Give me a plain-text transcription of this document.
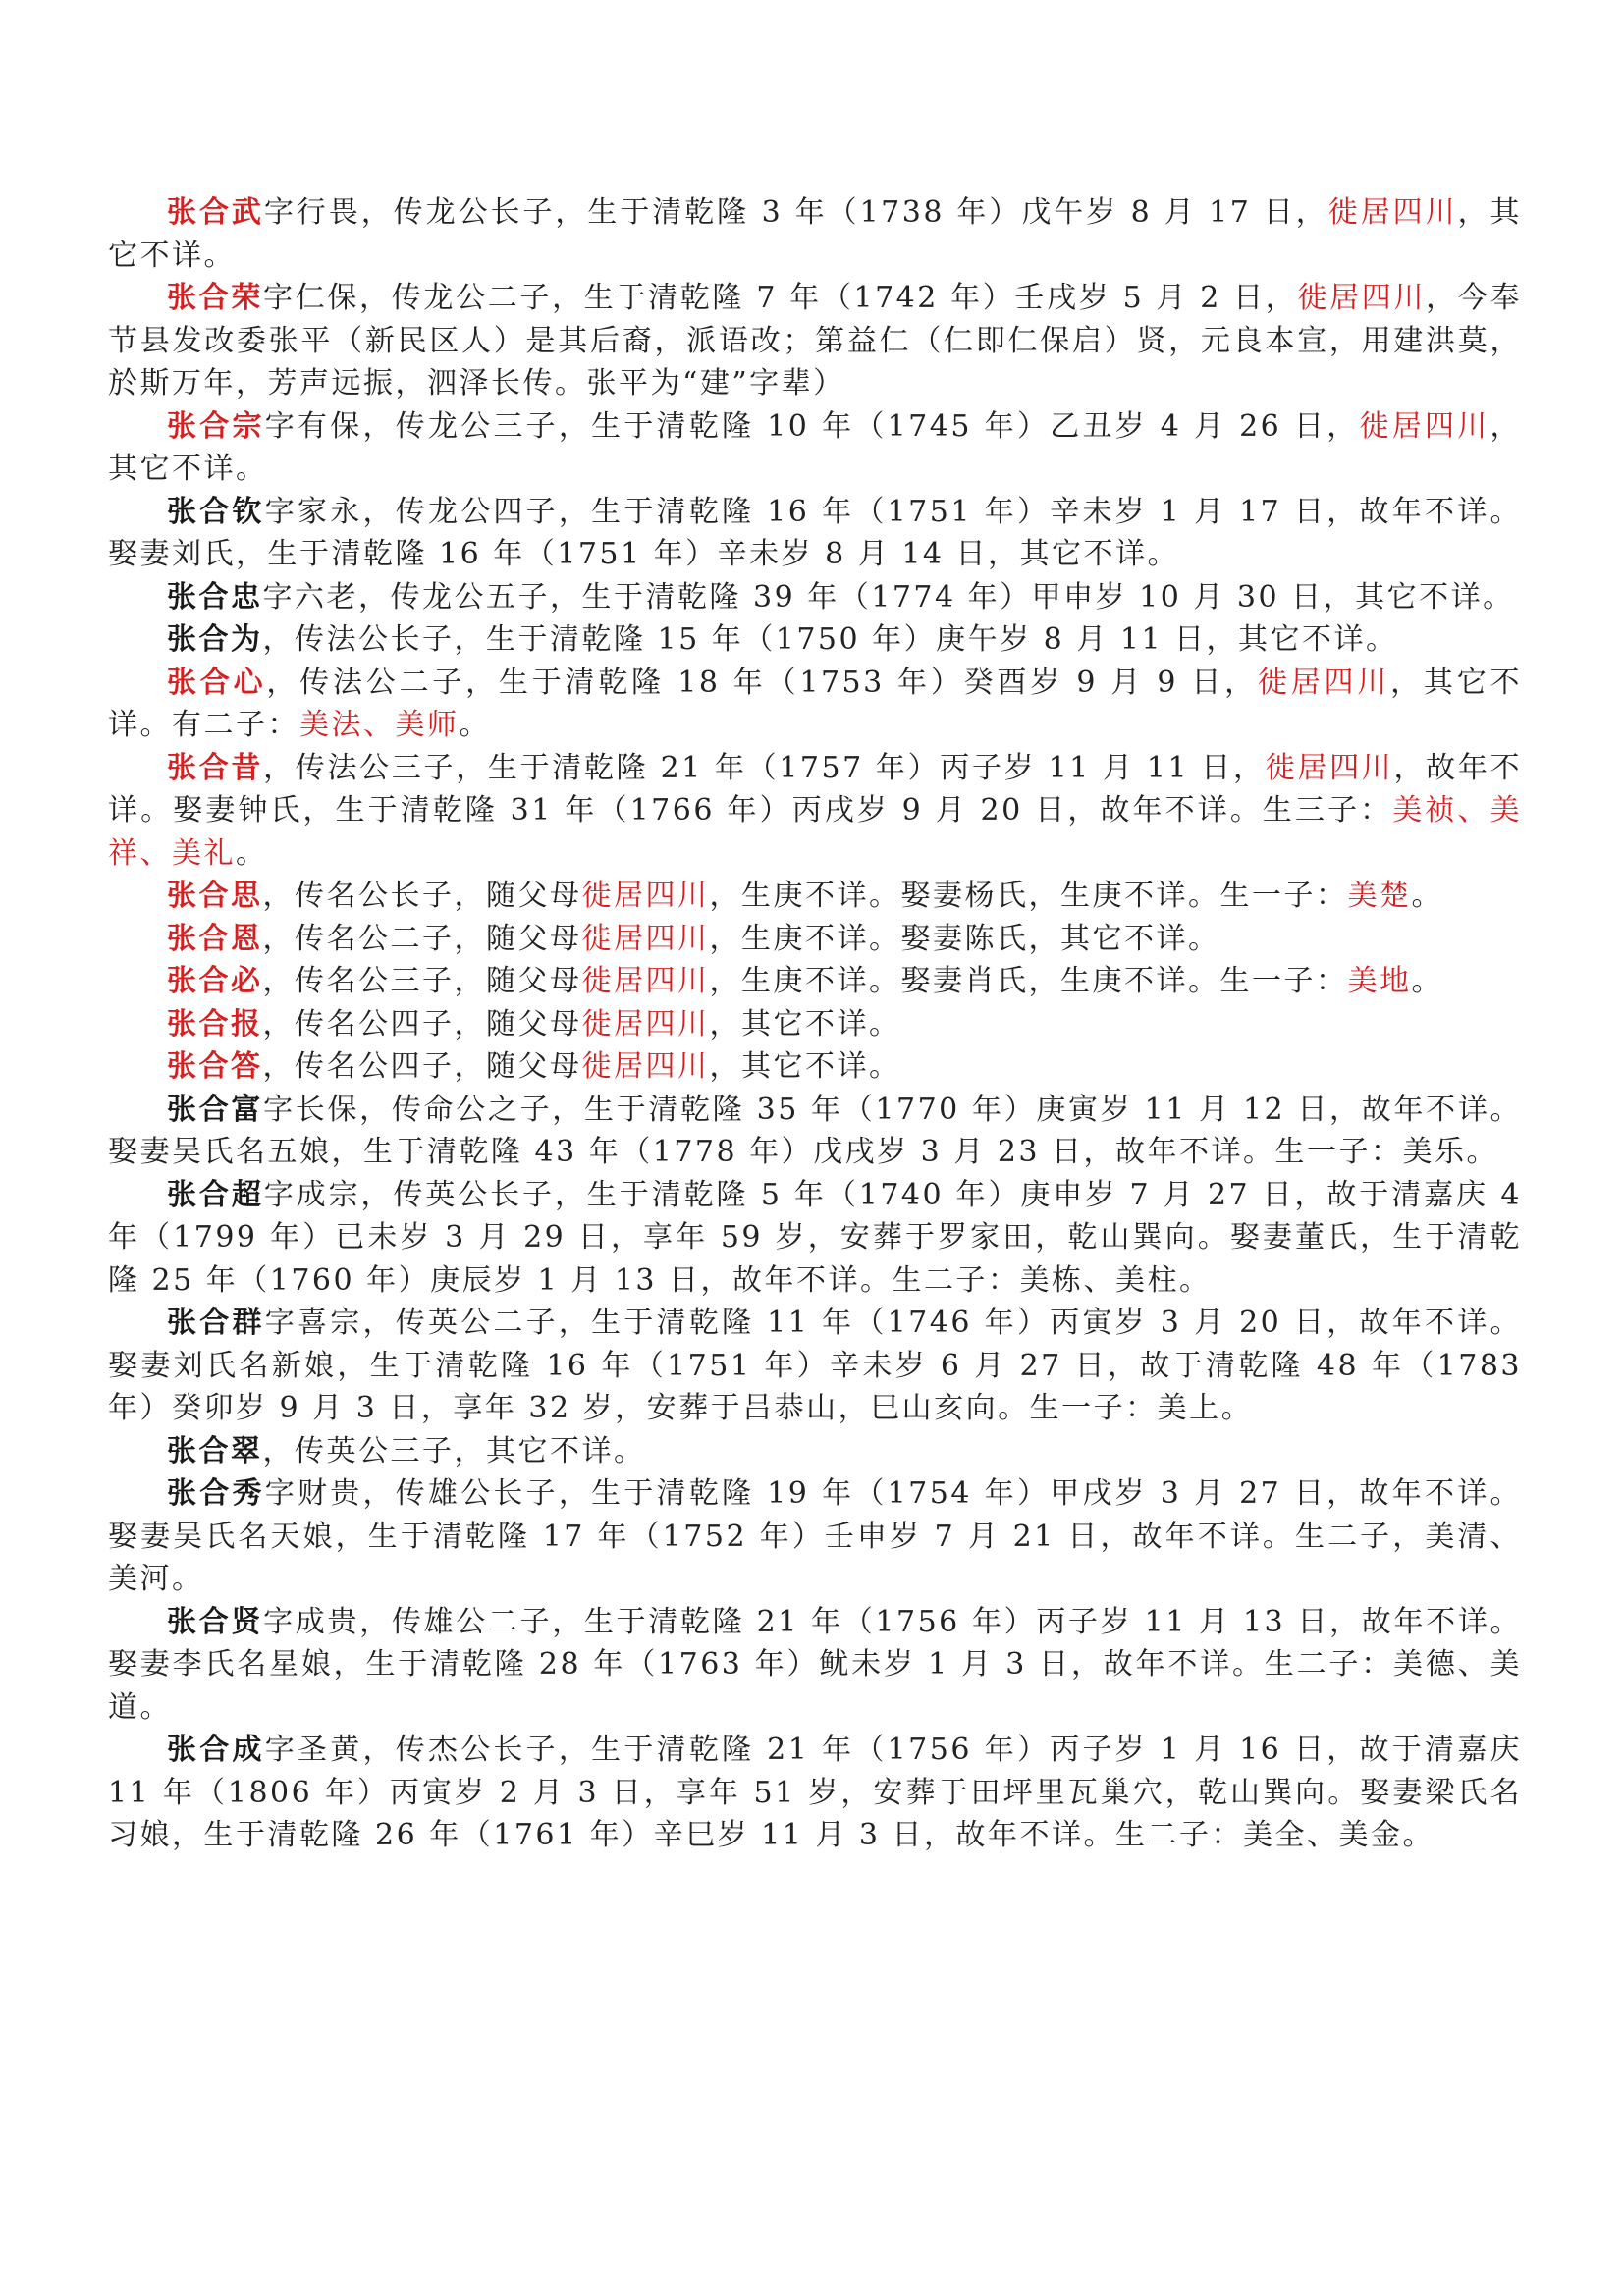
张合武字行畏，传龙公长子，生于清乾隆 3 年（1738 年）戊午岁 8 月 17 日，徙居四川，其它不详。

张合荣字仁保，传龙公二子，生于清乾隆 7 年（1742 年）壬戌岁 5 月 2 日，徙居四川，今奉节县发改委张平（新民区人）是其后裔，派语改；第益仁（仁即仁保启）贤，元良本宣，用建洪莫，於斯万年，芳声远振，泗泽长传。张平为“建”字辈）

张合宗字有保，传龙公三子，生于清乾隆 10 年（1745 年）乙丑岁 4 月 26 日，徙居四川，其它不详。

张合钦字家永，传龙公四子，生于清乾隆 16 年（1751 年）辛未岁 1 月 17 日，故年不详。娶妻刘氏，生于清乾隆 16 年（1751 年）辛未岁 8 月 14 日，其它不详。

张合忠字六老，传龙公五子，生于清乾隆 39 年（1774 年）甲申岁 10 月 30 日，其它不详。

张合为，传法公长子，生于清乾隆 15 年（1750 年）庚午岁 8 月 11 日，其它不详。

张合心，传法公二子，生于清乾隆 18 年（1753 年）癸酉岁 9 月 9 日，徙居四川，其它不详。有二子：美法、美师。

张合昔，传法公三子，生于清乾隆 21 年（1757 年）丙子岁 11 月 11 日，徙居四川，故年不详。娶妻钟氏，生于清乾隆 31 年（1766 年）丙戌岁 9 月 20 日，故年不详。生三子：美祯、美祥、美礼。

张合思，传名公长子，随父母徙居四川，生庚不详。娶妻杨氏，生庚不详。生一子：美楚。

张合恩，传名公二子，随父母徙居四川，生庚不详。娶妻陈氏，其它不详。

张合必，传名公三子，随父母徙居四川，生庚不详。娶妻肖氏，生庚不详。生一子：美地。

张合报，传名公四子，随父母徙居四川，其它不详。

张合答，传名公四子，随父母徙居四川，其它不详。

张合富字长保，传命公之子，生于清乾隆 35 年（1770 年）庚寅岁 11 月 12 日，故年不详。娶妻吴氏名五娘，生于清乾隆 43 年（1778 年）戊戌岁 3 月 23 日，故年不详。生一子：美乐。

张合超字成宗，传英公长子，生于清乾隆 5 年（1740 年）庚申岁 7 月 27 日，故于清嘉庆 4 年（1799 年）已未岁 3 月 29 日，享年 59 岁，安葬于罗家田，乾山巽向。娶妻董氏，生于清乾隆 25 年（1760 年）庚辰岁 1 月 13 日，故年不详。生二子：美栋、美柱。

张合群字喜宗，传英公二子，生于清乾隆 11 年（1746 年）丙寅岁 3 月 20 日，故年不详。娶妻刘氏名新娘，生于清乾隆 16 年（1751 年）辛未岁 6 月 27 日，故于清乾隆 48 年（1783 年）癸卯岁 9 月 3 日，享年 32 岁，安葬于吕恭山，巳山亥向。生一子：美上。

张合翠，传英公三子，其它不详。

张合秀字财贵，传雄公长子，生于清乾隆 19 年（1754 年）甲戌岁 3 月 27 日，故年不详。娶妻吴氏名天娘，生于清乾隆 17 年（1752 年）壬申岁 7 月 21 日，故年不详。生二子，美清、美河。

张合贤字成贵，传雄公二子，生于清乾隆 21 年（1756 年）丙子岁 11 月 13 日，故年不详。娶妻李氏名星娘，生于清乾隆 28 年（1763 年）鱿未岁 1 月 3 日，故年不详。生二子：美德、美道。

张合成字圣黄，传杰公长子，生于清乾隆 21 年（1756 年）丙子岁 1 月 16 日，故于清嘉庆 11 年（1806 年）丙寅岁 2 月 3 日，享年 51 岁，安葬于田坪里瓦巢穴，乾山巽向。娶妻梁氏名习娘，生于清乾隆 26 年（1761 年）辛巳岁 11 月 3 日，故年不详。生二子：美全、美金。
